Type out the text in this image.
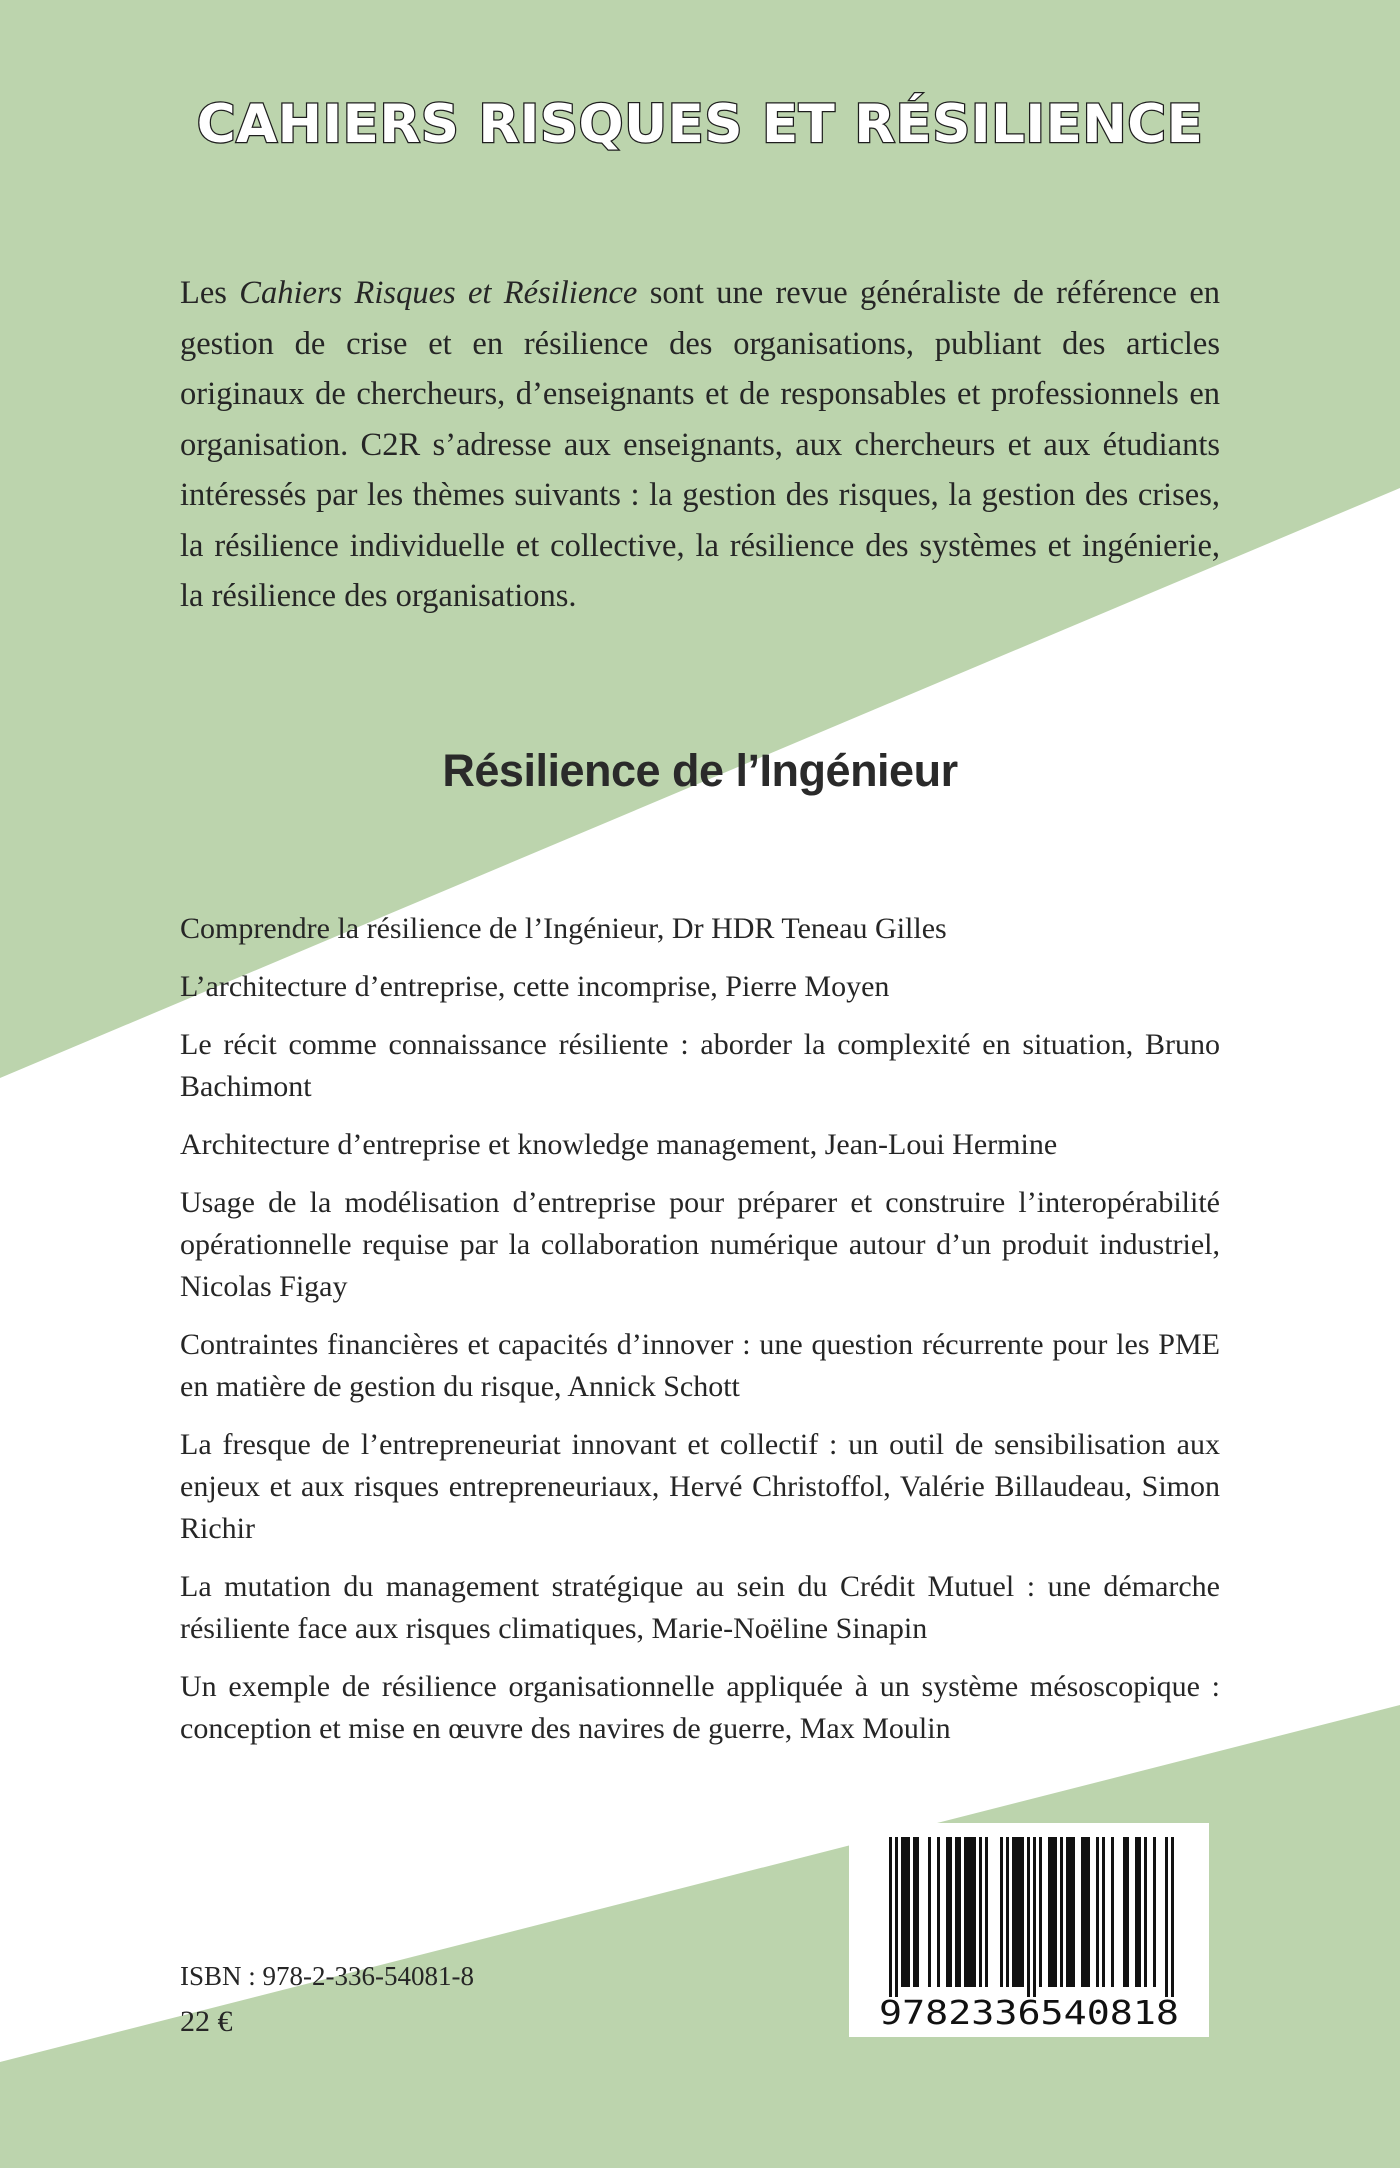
CAHIERS RISQUES ET RÉSILIENCE

Les Cahiers Risques et Résilience sont une revue généraliste de référence en gestion de crise et en résilience des organisations, publiant des articles originaux de chercheurs, d’enseignants et de responsables et professionnels en organisation. C2R s’adresse aux enseignants, aux chercheurs et aux étudiants intéressés par les thèmes suivants : la gestion des risques, la gestion des crises, la résilience individuelle et collective, la résilience des systèmes et ingénierie, la résilience des organisations.

Résilience de l’Ingénieur
Comprendre la résilience de l’Ingénieur, Dr HDR Teneau Gilles
L’architecture d’entreprise, cette incomprise, Pierre Moyen
Le récit comme connaissance résiliente : aborder la complexité en situation, Bruno Bachimont
Architecture d’entreprise et knowledge management, Jean-Loui Hermine
Usage de la modélisation d’entreprise pour préparer et construire l’interopérabilité opérationnelle requise par la collaboration numérique autour d’un produit industriel, Nicolas Figay
Contraintes financières et capacités d’innover : une question récurrente pour les PME en matière de gestion du risque, Annick Schott
La fresque de l’entrepreneuriat innovant et collectif : un outil de sensibilisation aux enjeux et aux risques entrepreneuriaux, Hervé Christoffol, Valérie Billaudeau, Simon Richir
La mutation du management stratégique au sein du Crédit Mutuel : une démarche résiliente face aux risques climatiques, Marie-Noëline Sinapin
Un exemple de résilience organisationnelle appliquée à un système mésoscopique : conception et mise en œuvre des navires de guerre, Max Moulin
ISBN : 978-2-336-54081-8
22 €	9782336540818
